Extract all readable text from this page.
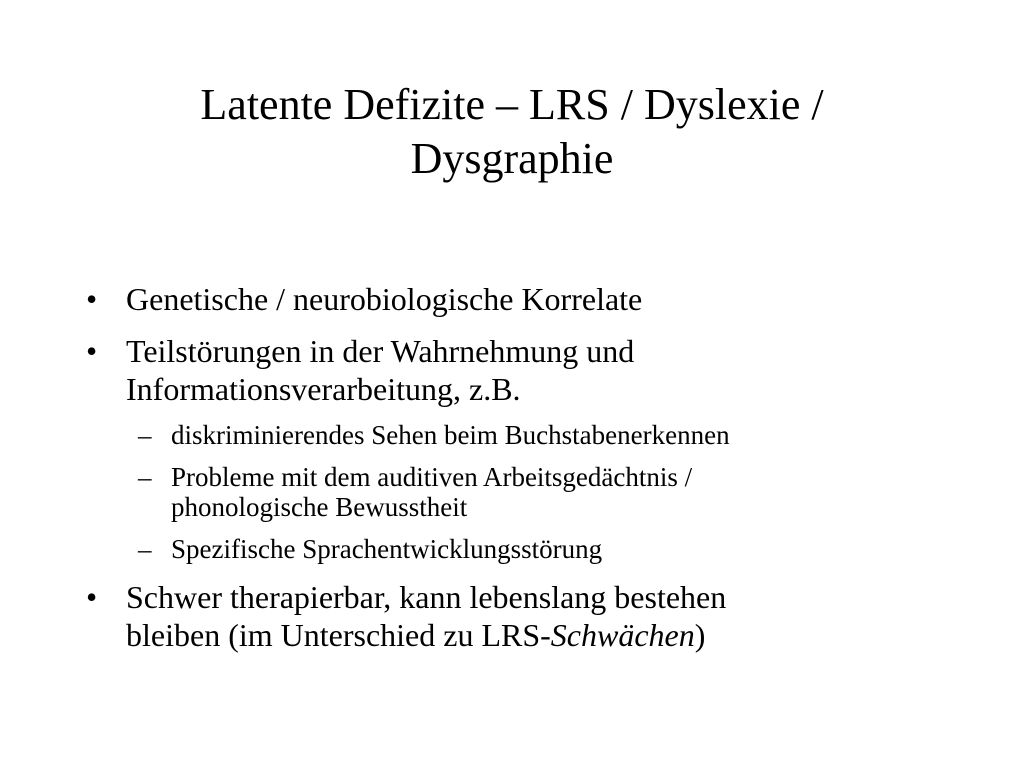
Latente Defizite – LRS / Dyslexie /
Dysgraphie
• Genetische / neurobiologische Korrelate
• Teilstörungen in der Wahrnehmung und
Informationsverarbeitung, z.B.
– diskriminierendes Sehen beim Buchstabenerkennen
– Probleme mit dem auditiven Arbeitsgedächtnis /
phonologische Bewusstheit
– Spezifische Sprachentwicklungsstörung
• Schwer therapierbar, kann lebenslang bestehen
bleiben (im Unterschied zu LRS-Schwächen)
